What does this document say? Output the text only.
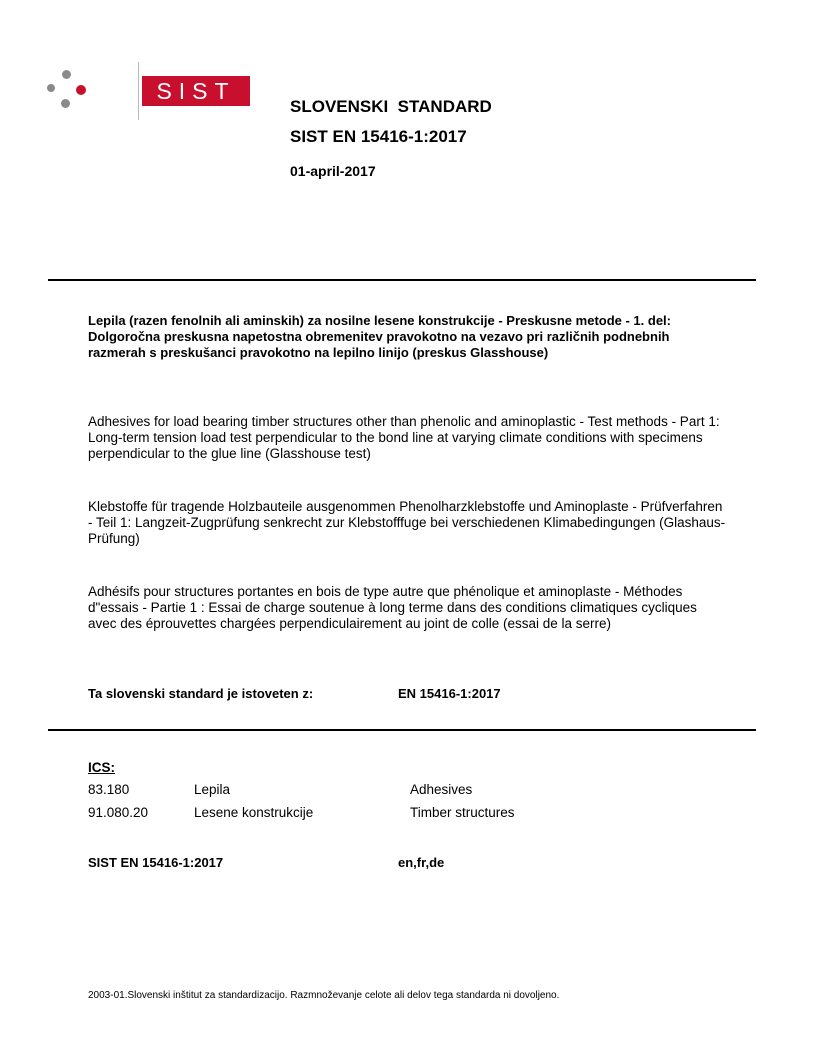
SIST
SLOVENSKI  STANDARD
SIST EN 15416-1:2017
01-april-2017
Lepila (razen fenolnih ali aminskih) za nosilne lesene konstrukcije - Preskusne metode - 1. del: Dolgoročna preskusna napetostna obremenitev pravokotno na vezavo pri različnih podnebnih razmerah s preskušanci pravokotno na lepilno linijo (preskus Glasshouse)
Adhesives for load bearing timber structures other than phenolic and aminoplastic - Test methods - Part 1: Long-term tension load test perpendicular to the bond line at varying climate conditions with specimens perpendicular to the glue line (Glasshouse test)
Klebstoffe für tragende Holzbauteile ausgenommen Phenolharzklebstoffe und Aminoplaste - Prüfverfahren - Teil 1: Langzeit-Zugprüfung senkrecht zur Klebstofffuge bei verschiedenen Klimabedingungen (Glashaus-Prüfung)
Adhésifs pour structures portantes en bois de type autre que phénolique et aminoplaste - Méthodes d"essais - Partie 1 : Essai de charge soutenue à long terme dans des conditions climatiques cycliques avec des éprouvettes chargées perpendiculairement au joint de colle (essai de la serre)
Ta slovenski standard je istoveten z:	EN 15416-1:2017
ICS:
83.180	Lepila	Adhesives
91.080.20	Lesene konstrukcije	Timber structures
SIST EN 15416-1:2017	en,fr,de
2003-01.Slovenski inštitut za standardizacijo. Razmnoževanje celote ali delov tega standarda ni dovoljeno.
